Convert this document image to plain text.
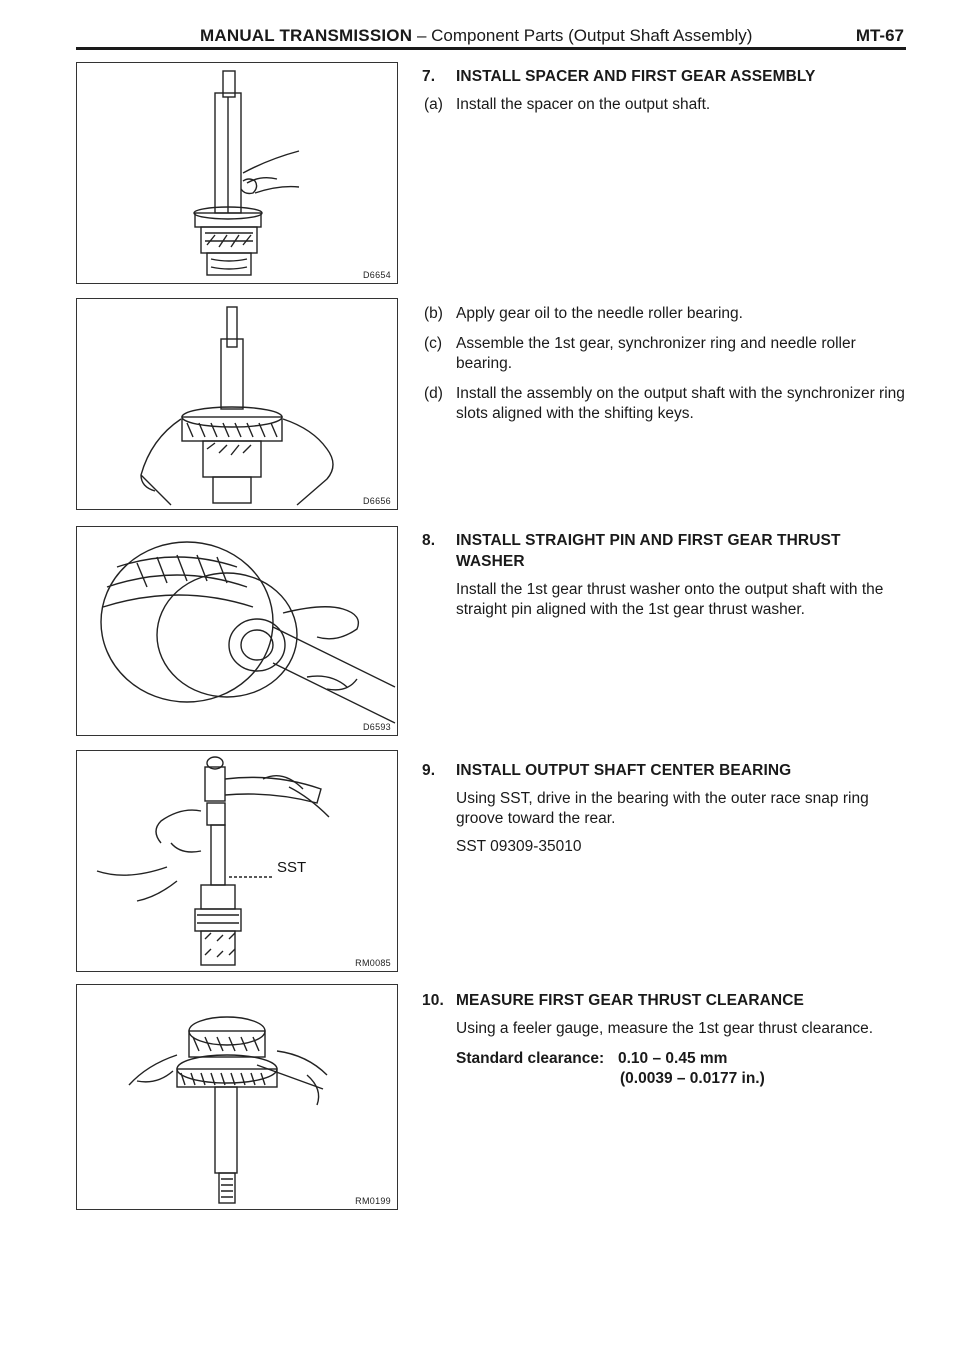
MANUAL TRANSMISSION – Component Parts (Output Shaft Assembly)	MT-67
D6654
D6656
D6593
SST
RM0085
RM0199
7. INSTALL SPACER AND FIRST GEAR ASSEMBLY
(a) Install the spacer on the output shaft.
(b) Apply gear oil to the needle roller bearing.
(c) Assemble the 1st gear, synchronizer ring and needle roller bearing.
(d) Install the assembly on the output shaft with the synchronizer ring slots aligned with the shifting keys.
8. INSTALL STRAIGHT PIN AND FIRST GEAR THRUST WASHER
Install the 1st gear thrust washer onto the output shaft with the straight pin aligned with the 1st gear thrust washer.
9. INSTALL OUTPUT SHAFT CENTER BEARING
Using SST, drive in the bearing with the outer race snap ring groove toward the rear.
SST 09309-35010
10. MEASURE FIRST GEAR THRUST CLEARANCE
Using a feeler gauge, measure the 1st gear thrust clearance.
Standard clearance: 0.10 – 0.45 mm
(0.0039 – 0.0177 in.)
